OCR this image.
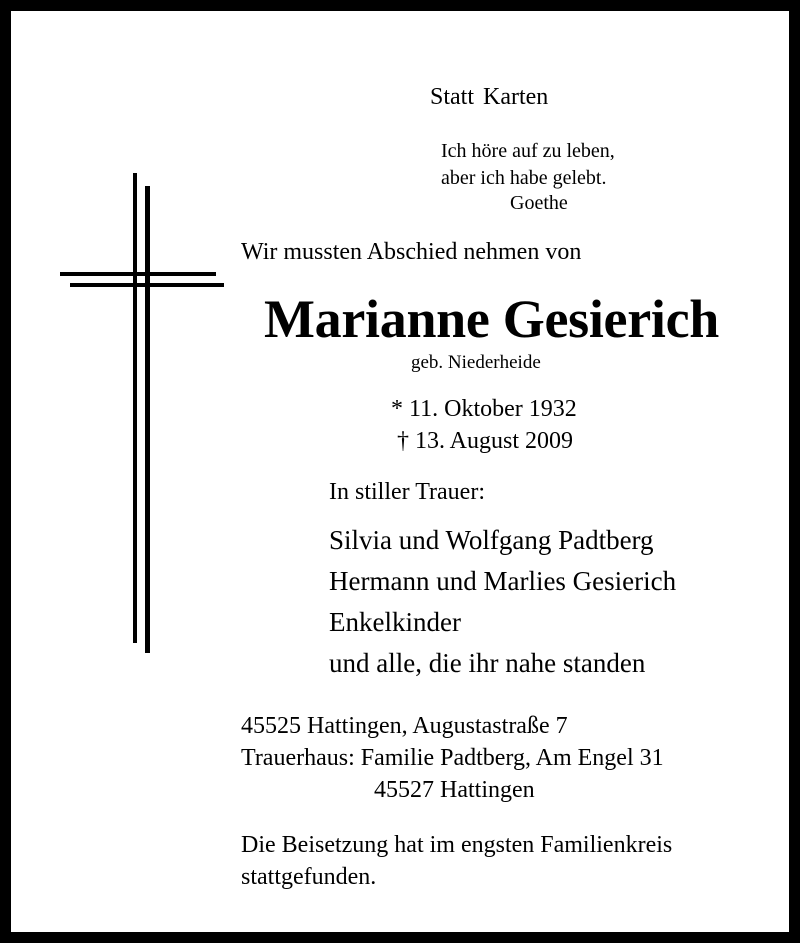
Statt Karten
Ich höre auf zu leben,
aber ich habe gelebt.
Goethe
Wir mussten Abschied nehmen von
Marianne Gesierich
geb. Niederheide
* 11. Oktober 1932
† 13. August 2009
In stiller Trauer:
Silvia und Wolfgang Padtberg
Hermann und Marlies Gesierich
Enkelkinder
und alle, die ihr nahe standen
45525 Hattingen, Augustastraße 7
Trauerhaus: Familie Padtberg, Am Engel 31
45527 Hattingen
Die Beisetzung hat im engsten Familienkreis
stattgefunden.
